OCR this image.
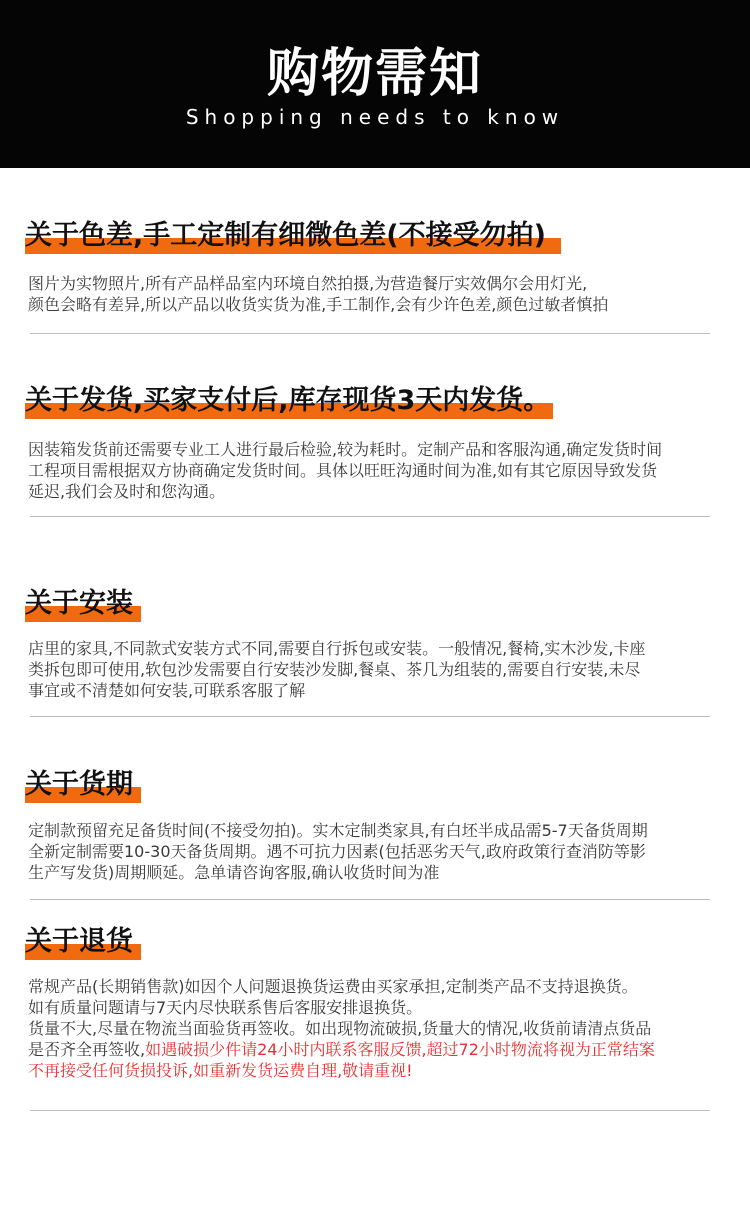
购物需知
Shopping needs to know
关于色差,手工定制有细微色差(不接受勿拍)
图片为实物照片,所有产品样品室内环境自然拍摄,为营造餐厅实效偶尔会用灯光,
颜色会略有差异,所以产品以收货实货为准,手工制作,会有少许色差,颜色过敏者慎拍
关于发货,买家支付后,库存现货3天内发货。
因装箱发货前还需要专业工人进行最后检验,较为耗时。定制产品和客服沟通,确定发货时间
工程项目需根据双方协商确定发货时间。具体以旺旺沟通时间为准,如有其它原因导致发货
延迟,我们会及时和您沟通。
关于安装
店里的家具,不同款式安装方式不同,需要自行拆包或安装。一般情况,餐椅,实木沙发,卡座
类拆包即可使用,软包沙发需要自行安装沙发脚,餐桌、茶几为组装的,需要自行安装,未尽
事宜或不清楚如何安装,可联系客服了解
关于货期
定制款预留充足备货时间(不接受勿拍)。实木定制类家具,有白坯半成品需5-7天备货周期
全新定制需要10-30天备货周期。遇不可抗力因素(包括恶劣天气,政府政策行查消防等影
生产写发货)周期顺延。急单请咨询客服,确认收货时间为准
关于退货
常规产品(长期销售款)如因个人问题退换货运费由买家承担,定制类产品不支持退换货。
如有质量问题请与7天内尽快联系售后客服安排退换货。
货量不大,尽量在物流当面验货再签收。如出现物流破损,货量大的情况,收货前请清点货品
是否齐全再签收,如遇破损少件请24小时内联系客服反馈,超过72小时物流将视为正常结案
不再接受任何货损投诉,如重新发货运费自理,敬请重视!
